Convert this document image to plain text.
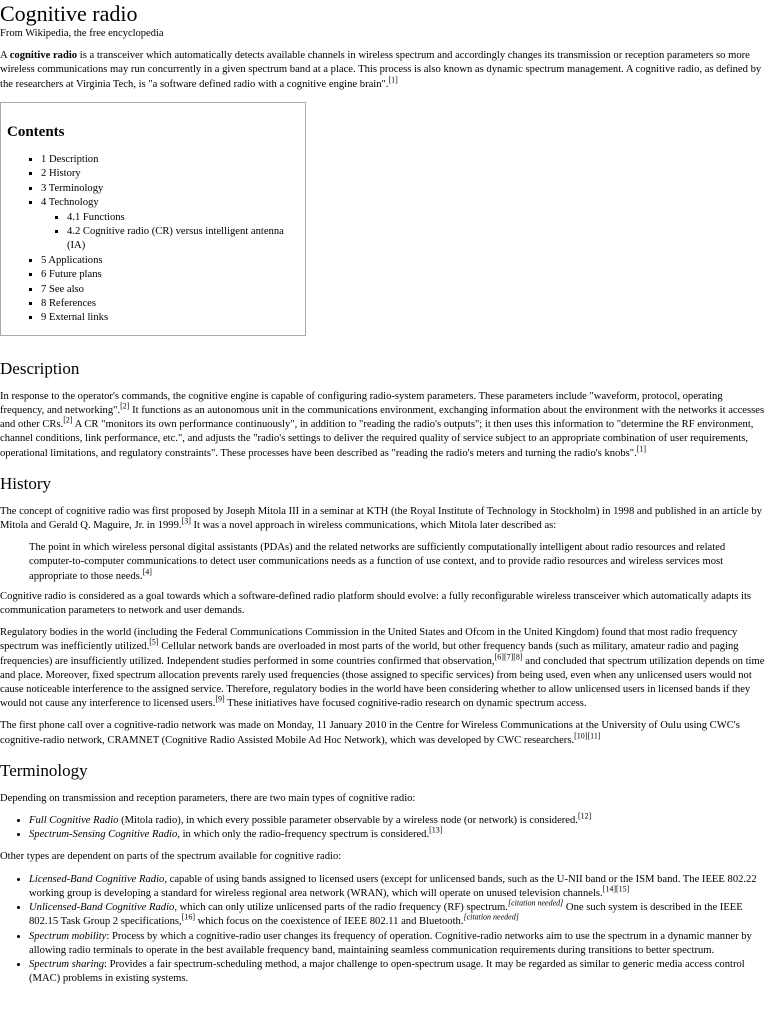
Cognitive radio
From Wikipedia, the free encyclopedia

A cognitive radio is a transceiver which automatically detects available channels in wireless spectrum and accordingly changes its transmission or reception parameters so more wireless communications may run concurrently in a given spectrum band at a place. This process is also known as dynamic spectrum management. A cognitive radio, as defined by the researchers at Virginia Tech, is "a software defined radio with a cognitive engine brain".[1]

Contents
▪ 1 Description
▪ 2 History
▪ 3 Terminology
▪ 4 Technology
▪ 4.1 Functions
▪ 4.2 Cognitive radio (CR) versus intelligent antenna (IA)
▪ 5 Applications
▪ 6 Future plans
▪ 7 See also
▪ 8 References
▪ 9 External links
Description

In response to the operator's commands, the cognitive engine is capable of configuring radio-system parameters. These parameters include "waveform, protocol, operating frequency, and networking".[2] It functions as an autonomous unit in the communications environment, exchanging information about the environment with the networks it accesses and other CRs.[2] A CR "monitors its own performance continuously", in addition to "reading the radio's outputs"; it then uses this information to "determine the RF environment, channel conditions, link performance, etc.", and adjusts the "radio's settings to deliver the required quality of service subject to an appropriate combination of user requirements, operational limitations, and regulatory constraints". These processes have been described as "reading the radio's meters and turning the radio's knobs".[1]

History

The concept of cognitive radio was first proposed by Joseph Mitola III in a seminar at KTH (the Royal Institute of Technology in Stockholm) in 1998 and published in an article by Mitola and Gerald Q. Maguire, Jr. in 1999.[3] It was a novel approach in wireless communications, which Mitola later described as:

The point in which wireless personal digital assistants (PDAs) and the related networks are sufficiently computationally intelligent about radio resources and related computer-to-computer communications to detect user communications needs as a function of use context, and to provide radio resources and wireless services most appropriate to those needs.[4]

Cognitive radio is considered as a goal towards which a software-defined radio platform should evolve: a fully reconfigurable wireless transceiver which automatically adapts its communication parameters to network and user demands.

Regulatory bodies in the world (including the Federal Communications Commission in the United States and Ofcom in the United Kingdom) found that most radio frequency spectrum was inefficiently utilized.[5] Cellular network bands are overloaded in most parts of the world, but other frequency bands (such as military, amateur radio and paging frequencies) are insufficiently utilized. Independent studies performed in some countries confirmed that observation,[6][7][8] and concluded that spectrum utilization depends on time and place. Moreover, fixed spectrum allocation prevents rarely used frequencies (those assigned to specific services) from being used, even when any unlicensed users would not cause noticeable interference to the assigned service. Therefore, regulatory bodies in the world have been considering whether to allow unlicensed users in licensed bands if they would not cause any interference to licensed users.[9] These initiatives have focused cognitive-radio research on dynamic spectrum access.

The first phone call over a cognitive-radio network was made on Monday, 11 January 2010 in the Centre for Wireless Communications at the University of Oulu using CWC's cognitive-radio network, CRAMNET (Cognitive Radio Assisted Mobile Ad Hoc Network), which was developed by CWC researchers.[10][11]

Terminology

Depending on transmission and reception parameters, there are two main types of cognitive radio:

• Full Cognitive Radio (Mitola radio), in which every possible parameter observable by a wireless node (or network) is considered.[12]
• Spectrum-Sensing Cognitive Radio, in which only the radio-frequency spectrum is considered.[13]

Other types are dependent on parts of the spectrum available for cognitive radio:

• Licensed-Band Cognitive Radio, capable of using bands assigned to licensed users (except for unlicensed bands, such as the U-NII band or the ISM band. The IEEE 802.22 working group is developing a standard for wireless regional area network (WRAN), which will operate on unused television channels.[14][15]
• Unlicensed-Band Cognitive Radio, which can only utilize unlicensed parts of the radio frequency (RF) spectrum.[citation needed] One such system is described in the IEEE 802.15 Task Group 2 specifications,[16] which focus on the coexistence of IEEE 802.11 and Bluetooth.[citation needed]
• Spectrum mobility: Process by which a cognitive-radio user changes its frequency of operation. Cognitive-radio networks aim to use the spectrum in a dynamic manner by allowing radio terminals to operate in the best available frequency band, maintaining seamless communication requirements during transitions to better spectrum.
• Spectrum sharing: Provides a fair spectrum-scheduling method, a major challenge to open-spectrum usage. It may be regarded as similar to generic media access control (MAC) problems in existing systems.
